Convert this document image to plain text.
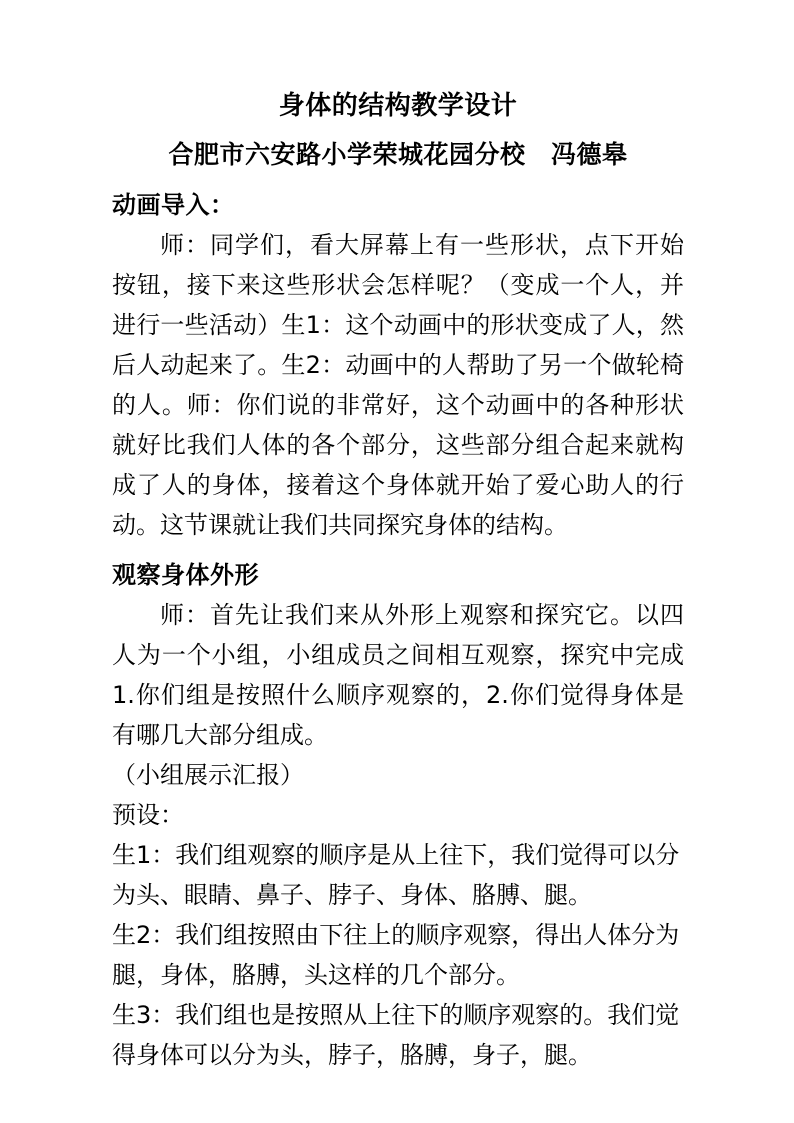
身体的结构教学设计
合肥市六安路小学荣城花园分校　冯德皋
动画导入：

师：同学们，看大屏幕上有一些形状，点下开始按钮，接下来这些形状会怎样呢？（变成一个人，并进行一些活动）生1：这个动画中的形状变成了人，然后人动起来了。生2：动画中的人帮助了另一个做轮椅的人。师：你们说的非常好，这个动画中的各种形状就好比我们人体的各个部分，这些部分组合起来就构成了人的身体，接着这个身体就开始了爱心助人的行动。这节课就让我们共同探究身体的结构。

观察身体外形

师：首先让我们来从外形上观察和探究它。以四人为一个小组，小组成员之间相互观察，探究中完成1.你们组是按照什么顺序观察的，2.你们觉得身体是有哪几大部分组成。

（小组展示汇报）

预设：

生1：我们组观察的顺序是从上往下，我们觉得可以分为头、眼睛、鼻子、脖子、身体、胳膊、腿。

生2：我们组按照由下往上的顺序观察，得出人体分为腿，身体，胳膊，头这样的几个部分。

生3：我们组也是按照从上往下的顺序观察的。我们觉得身体可以分为头，脖子，胳膊，身子，腿。
